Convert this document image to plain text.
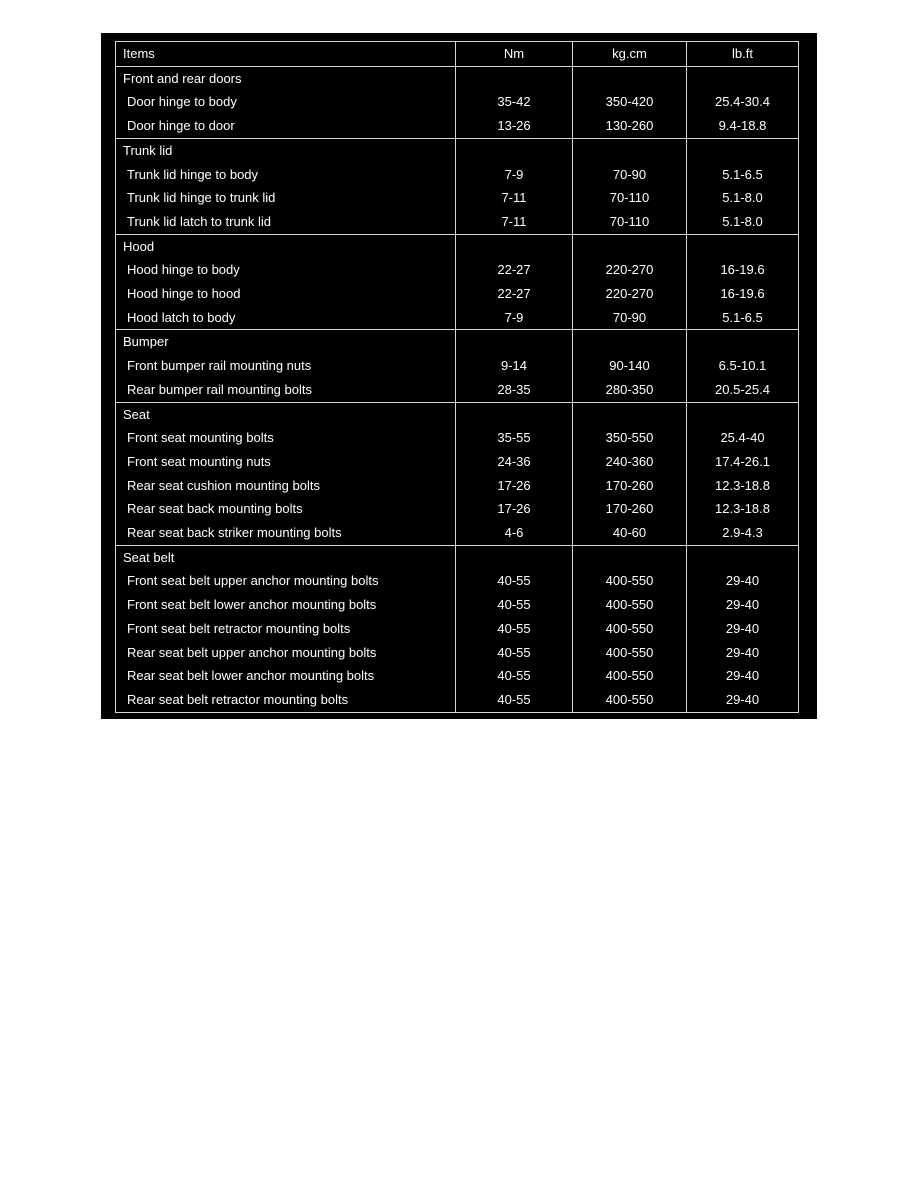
Items	Nm	kg.cm	lb.ft
Front and rear doors			
Door hinge to body	35-42	350-420	25.4-30.4
Door hinge to door	13-26	130-260	9.4-18.8
Trunk lid			
Trunk lid hinge to body	7-9	70-90	5.1-6.5
Trunk lid hinge to trunk lid	7-11	70-110	5.1-8.0
Trunk lid latch to trunk lid	7-11	70-110	5.1-8.0
Hood			
Hood hinge to body	22-27	220-270	16-19.6
Hood hinge to hood	22-27	220-270	16-19.6
Hood latch to body	7-9	70-90	5.1-6.5
Bumper			
Front bumper rail mounting nuts	9-14	90-140	6.5-10.1
Rear bumper rail mounting bolts	28-35	280-350	20.5-25.4
Seat			
Front seat mounting bolts	35-55	350-550	25.4-40
Front seat mounting nuts	24-36	240-360	17.4-26.1
Rear seat cushion mounting bolts	17-26	170-260	12.3-18.8
Rear seat back mounting bolts	17-26	170-260	12.3-18.8
Rear seat back striker mounting bolts	4-6	40-60	2.9-4.3
Seat belt			
Front seat belt upper anchor mounting bolts	40-55	400-550	29-40
Front seat belt lower anchor mounting bolts	40-55	400-550	29-40
Front seat belt retractor mounting bolts	40-55	400-550	29-40
Rear seat belt upper anchor mounting bolts	40-55	400-550	29-40
Rear seat belt lower anchor mounting bolts	40-55	400-550	29-40
Rear seat belt retractor mounting bolts	40-55	400-550	29-40
